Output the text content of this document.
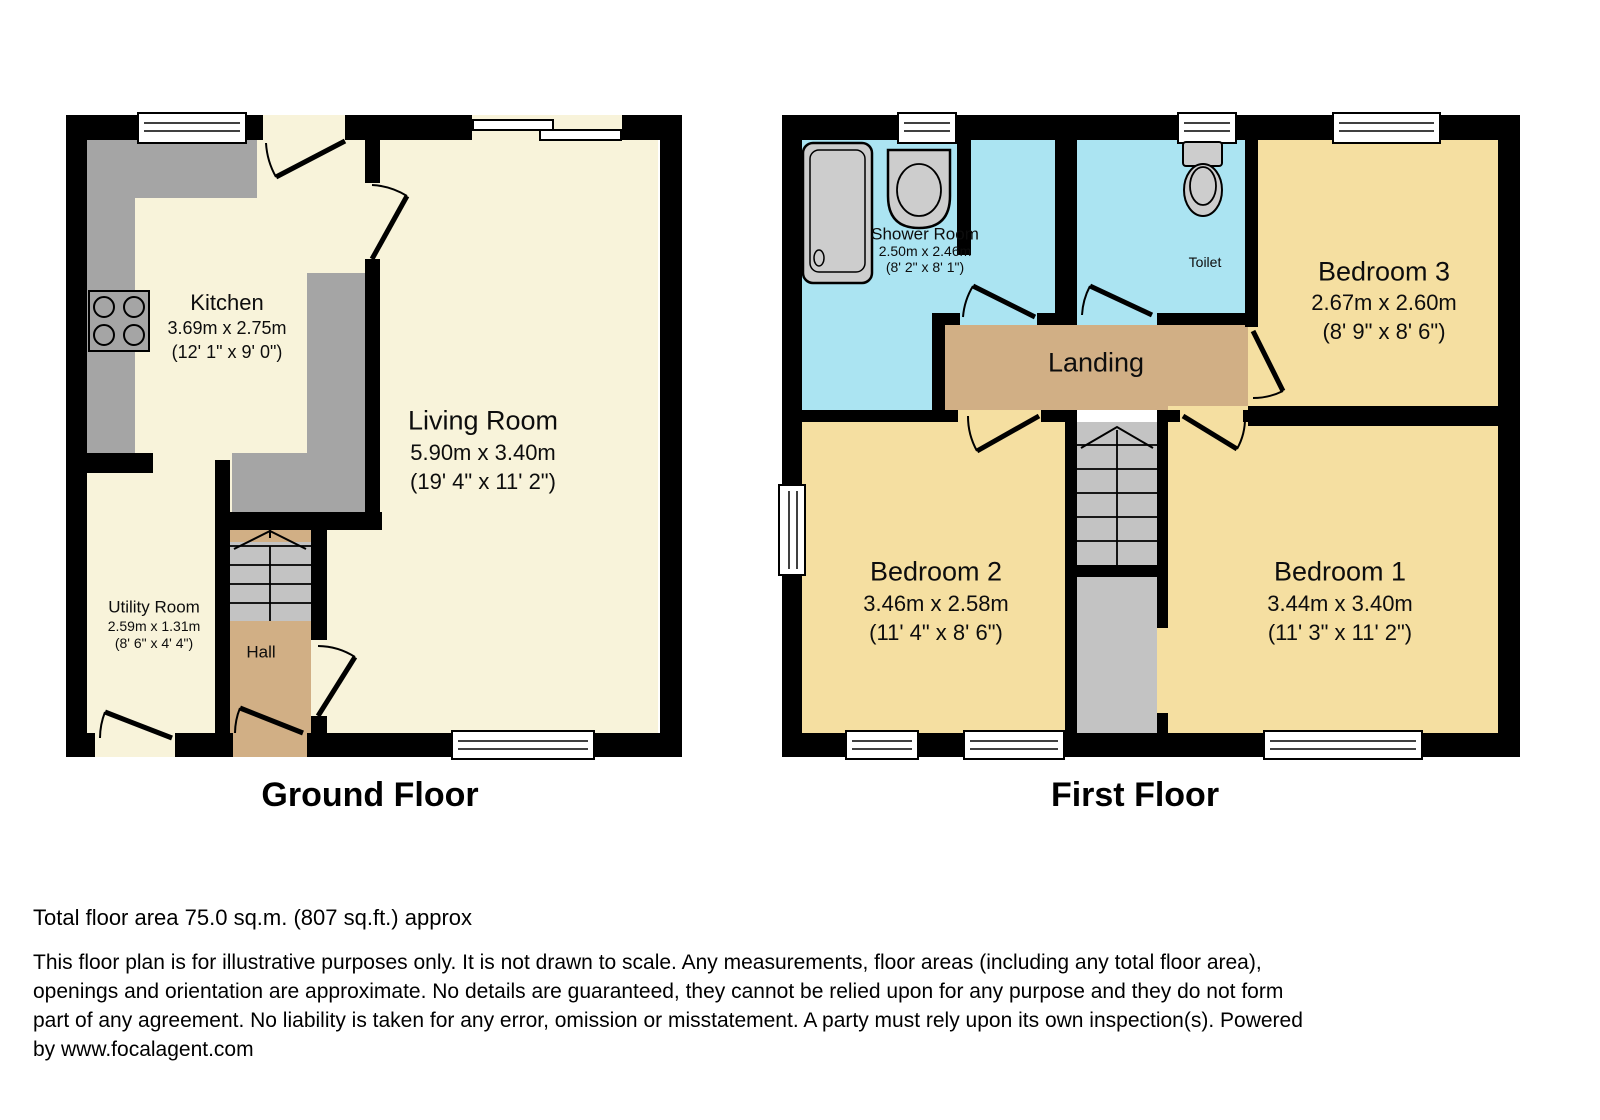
Kitchen
3.69m x 2.75m
(12' 1" x 9' 0")
Living Room
5.90m x 3.40m
(19' 4" x 11' 2")
Utility Room
2.59m x 1.31m
(8' 6" x 4' 4")	Hall
Ground Floor
Shower Room
2.50m x 2.46m
(8' 2" x 8' 1")	Toilet	Bedroom 3
2.67m x 2.60m
(8' 9" x 8' 6")
Landing
Bedroom 2
3.46m x 2.58m
(11' 4" x 8' 6")
Bedroom 1
3.44m x 3.40m
(11' 3" x 11' 2")
First Floor
Total floor area 75.0 sq.m. (807 sq.ft.) approx
This floor plan is for illustrative purposes only. It is not drawn to scale. Any measurements, floor areas (including any total floor area),
openings and orientation are approximate. No details are guaranteed, they cannot be relied upon for any purpose and they do not form
part of any agreement. No liability is taken for any error, omission or misstatement. A party must rely upon its own inspection(s). Powered
by www.focalagent.com
